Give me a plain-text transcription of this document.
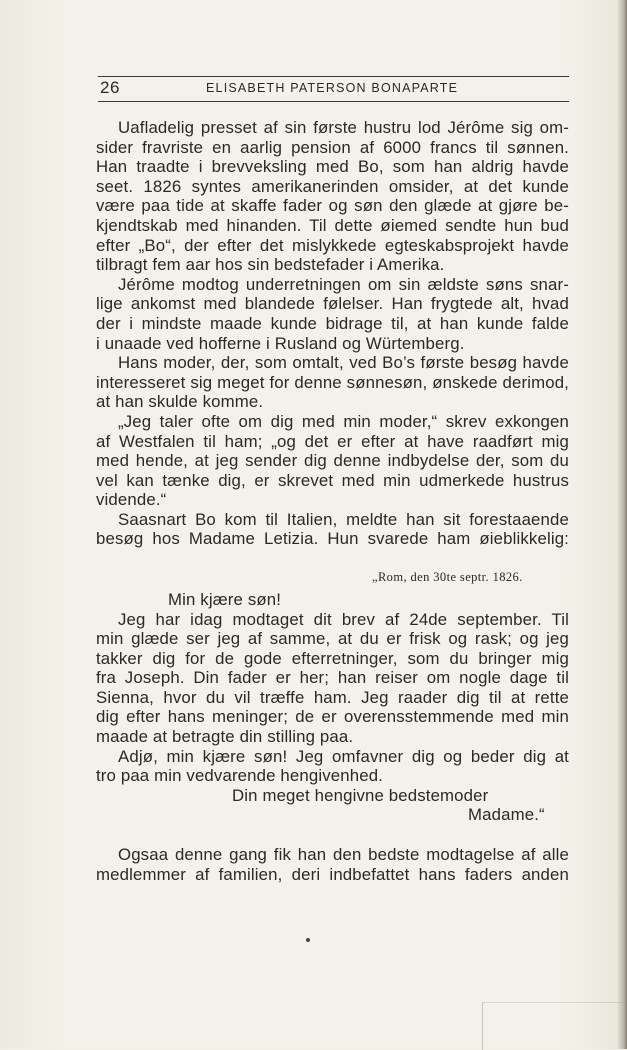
26	ELISABETH PATERSON BONAPARTE
Uafladelig presset af sin første hustru lod Jérôme sig om-
sider fravriste en aarlig pension af 6000 francs til sønnen.
Han traadte i brevveksling med Bo, som han aldrig havde
seet. 1826 syntes amerikanerinden omsider, at det kunde
være paa tide at skaffe fader og søn den glæde at gjøre be-
kjendtskab med hinanden. Til dette øiemed sendte hun bud
efter „Bo“, der efter det mislykkede egteskabsprojekt havde
tilbragt fem aar hos sin bedstefader i Amerika.
Jérôme modtog underretningen om sin ældste søns snar-
lige ankomst med blandede følelser. Han frygtede alt, hvad
der i mindste maade kunde bidrage til, at han kunde falde
i unaade ved hofferne i Rusland og Würtemberg.
Hans moder, der, som omtalt, ved Bo’s første besøg havde
interesseret sig meget for denne sønnesøn, ønskede derimod,
at han skulde komme.
„Jeg taler ofte om dig med min moder,“ skrev exkongen
af Westfalen til ham; „og det er efter at have raadført mig
med hende, at jeg sender dig denne indbydelse der, som du
vel kan tænke dig, er skrevet med min udmerkede hustrus
vidende.“
Saasnart Bo kom til Italien, meldte han sit forestaaende
besøg hos Madame Letizia. Hun svarede ham øieblikkelig:
„Rom, den 30te septr. 1826.
Min kjære søn!
Jeg har idag modtaget dit brev af 24de september. Til
min glæde ser jeg af samme, at du er frisk og rask; og jeg
takker dig for de gode efterretninger, som du bringer mig
fra Joseph. Din fader er her; han reiser om nogle dage til
Sienna, hvor du vil træffe ham. Jeg raader dig til at rette
dig efter hans meninger; de er overensstemmende med min
maade at betragte din stilling paa.
Adjø, min kjære søn! Jeg omfavner dig og beder dig at
tro paa min vedvarende hengivenhed.
Din meget hengivne bedstemoder
Madame.“
Ogsaa denne gang fik han den bedste modtagelse af alle
medlemmer af familien, deri indbefattet hans faders anden
